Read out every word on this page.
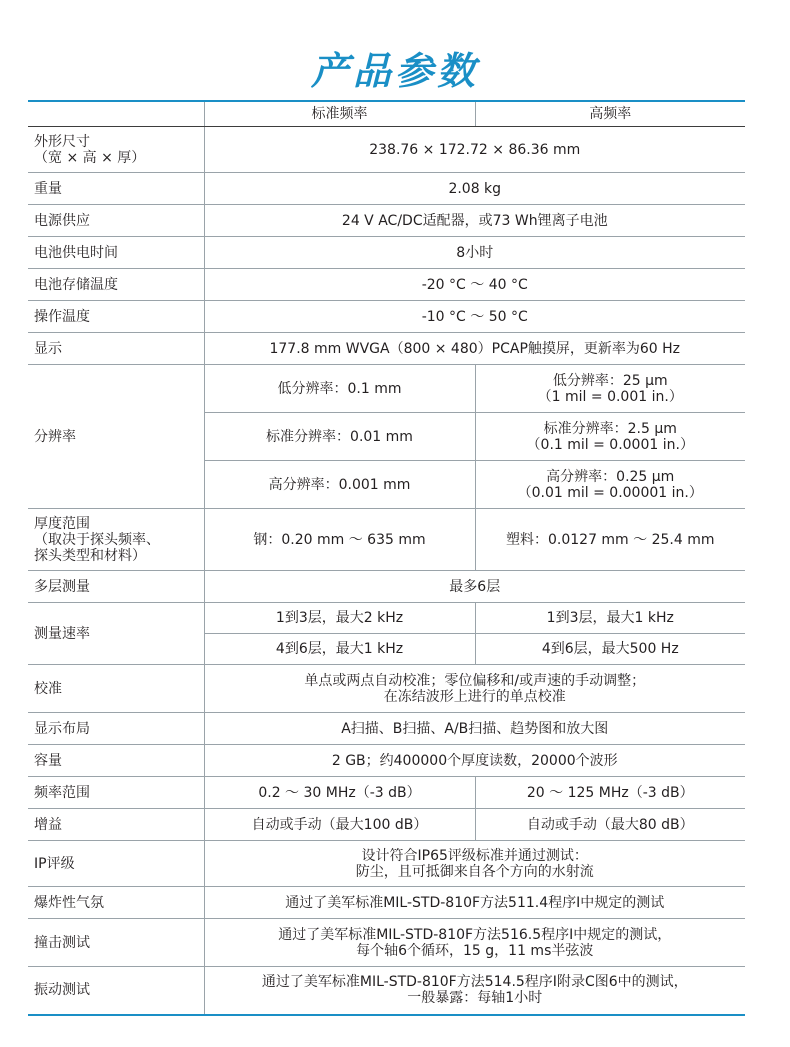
产品参数
	标准频率	高频率

外形尺寸
（宽 × 高 × 厚）	238.76 × 172.72 × 86.36 mm	
重量	2.08 kg	
电源供应	24 V AC/DC适配器，或73 Wh锂离子电池	
电池供电时间	8小时	
电池存储温度	-20 °C ～ 40 °C	
操作温度	-10 °C ～ 50 °C	
显示	177.8 mm WVGA（800 × 480）PCAP触摸屏，更新率为60 Hz	
分辨率	低分辨率：0.1 mm	低分辨率：25 μm
（1 mil = 0.001 in.）

	标准分辨率：0.01 mm	标准分辨率：2.5 μm
（0.1 mil = 0.0001 in.）

	高分辨率：0.001 mm	高分辨率：0.25 μm
（0.01 mil = 0.00001 in.）

厚度范围
（取决于探头频率、
探头类型和材料）	钢：0.20 mm ～ 635 mm	塑料：0.0127 mm ～ 25.4 mm
多层测量	最多6层	
测量速率	1到3层，最大2 kHz	1到3层，最大1 kHz
	4到6层，最大1 kHz	4到6层，最大500 Hz
校准	单点或两点自动校准；零位偏移和/或声速的手动调整；
在冻结波形上进行的单点校准	

显示布局	A扫描、B扫描、A/B扫描、趋势图和放大图	
容量	2 GB；约400000个厚度读数，20000个波形	
频率范围	0.2 ～ 30 MHz（-3 dB）	20 ～ 125 MHz（-3 dB）
增益	自动或手动（最大100 dB）	自动或手动（最大80 dB）
IP评级	设计符合IP65评级标准并通过测试：
防尘，且可抵御来自各个方向的水射流	

爆炸性气氛	通过了美军标准MIL-STD-810F方法511.4程序I中规定的测试	
撞击测试	通过了美军标准MIL-STD-810F方法516.5程序I中规定的测试，
每个轴6个循环，15 g，11 ms半弦波	

振动测试	通过了美军标准MIL-STD-810F方法514.5程序I附录C图6中的测试，
一般暴露：每轴1小时	
